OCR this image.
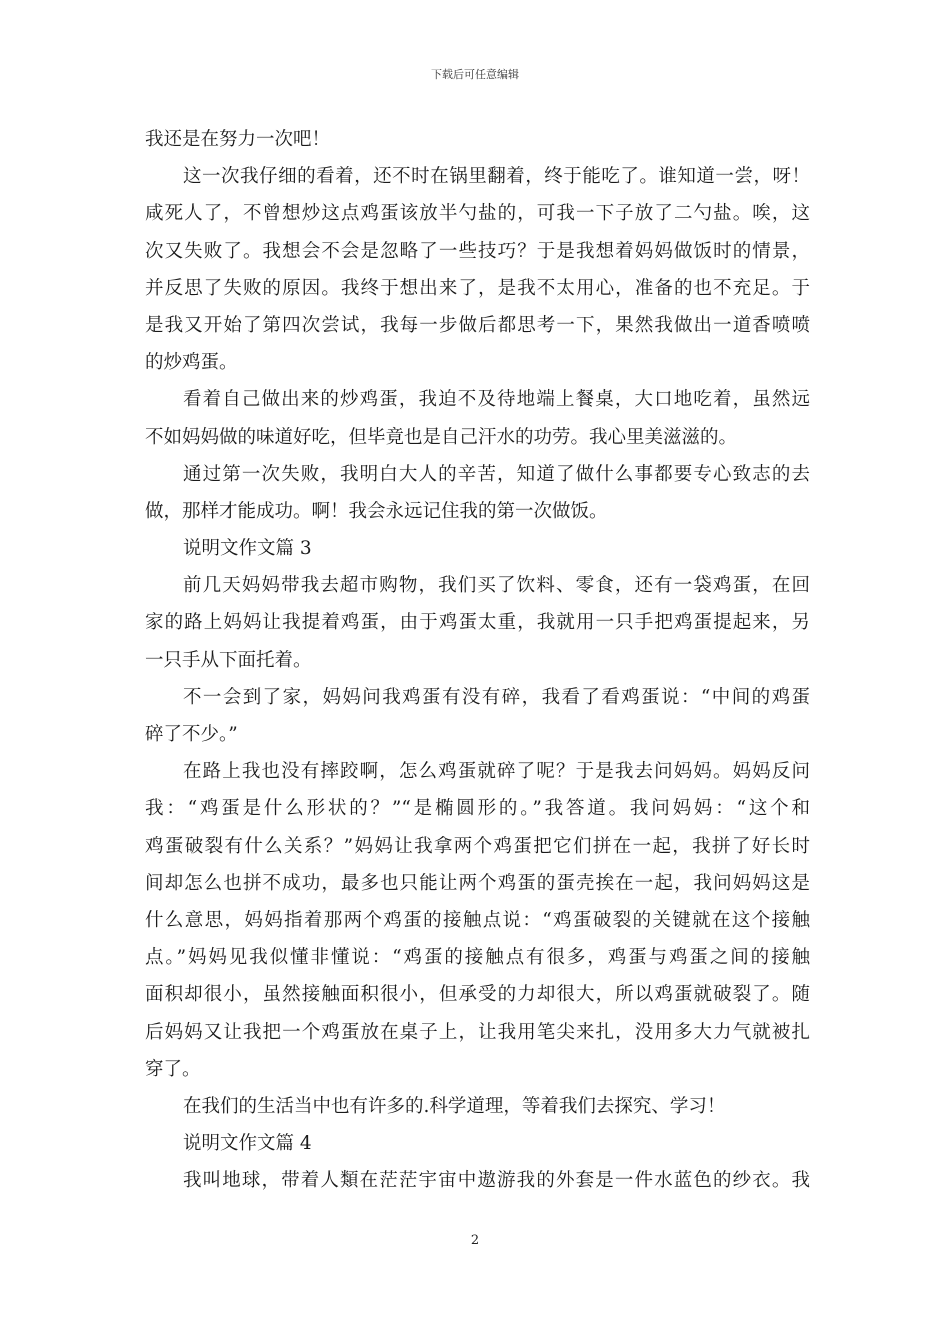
下载后可任意编辑
我还是在努力一次吧！
这一次我仔细的看着，还不时在锅里翻着，终于能吃了。谁知道一尝，呀！
咸死人了，不曾想炒这点鸡蛋该放半勺盐的，可我一下子放了二勺盐。唉，这
次又失败了。我想会不会是忽略了一些技巧？于是我想着妈妈做饭时的情景，
并反思了失败的原因。我终于想出来了，是我不太用心，准备的也不充足。于
是我又开始了第四次尝试，我每一步做后都思考一下，果然我做出一道香喷喷
的炒鸡蛋。
看着自己做出来的炒鸡蛋，我迫不及待地端上餐桌，大口地吃着，虽然远
不如妈妈做的味道好吃，但毕竟也是自己汗水的功劳。我心里美滋滋的。
通过第一次失败，我明白大人的辛苦，知道了做什么事都要专心致志的去
做，那样才能成功。啊！我会永远记住我的第一次做饭。
说明文作文篇 3
前几天妈妈带我去超市购物，我们买了饮料、零食，还有一袋鸡蛋，在回
家的路上妈妈让我提着鸡蛋，由于鸡蛋太重，我就用一只手把鸡蛋提起来，另
一只手从下面托着。
不一会到了家，妈妈问我鸡蛋有没有碎，我看了看鸡蛋说：“中间的鸡蛋
碎了不少。”
在路上我也没有摔跤啊，怎么鸡蛋就碎了呢？于是我去问妈妈。妈妈反问
我：“鸡蛋是什么形状的？”“是椭圆形的。”我答道。我问妈妈：“这个和
鸡蛋破裂有什么关系？”妈妈让我拿两个鸡蛋把它们拼在一起，我拼了好长时
间却怎么也拼不成功，最多也只能让两个鸡蛋的蛋壳挨在一起，我问妈妈这是
什么意思，妈妈指着那两个鸡蛋的接触点说：“鸡蛋破裂的关键就在这个接触
点。”妈妈见我似懂非懂说：“鸡蛋的接触点有很多，鸡蛋与鸡蛋之间的接触
面积却很小，虽然接触面积很小，但承受的力却很大，所以鸡蛋就破裂了。随
后妈妈又让我把一个鸡蛋放在桌子上，让我用笔尖来扎，没用多大力气就被扎
穿了。
在我们的生活当中也有许多的.科学道理，等着我们去探究、学习！
说明文作文篇 4
我叫地球，带着人類在茫茫宇宙中遨游我的外套是一件水蓝色的纱衣。我
2
